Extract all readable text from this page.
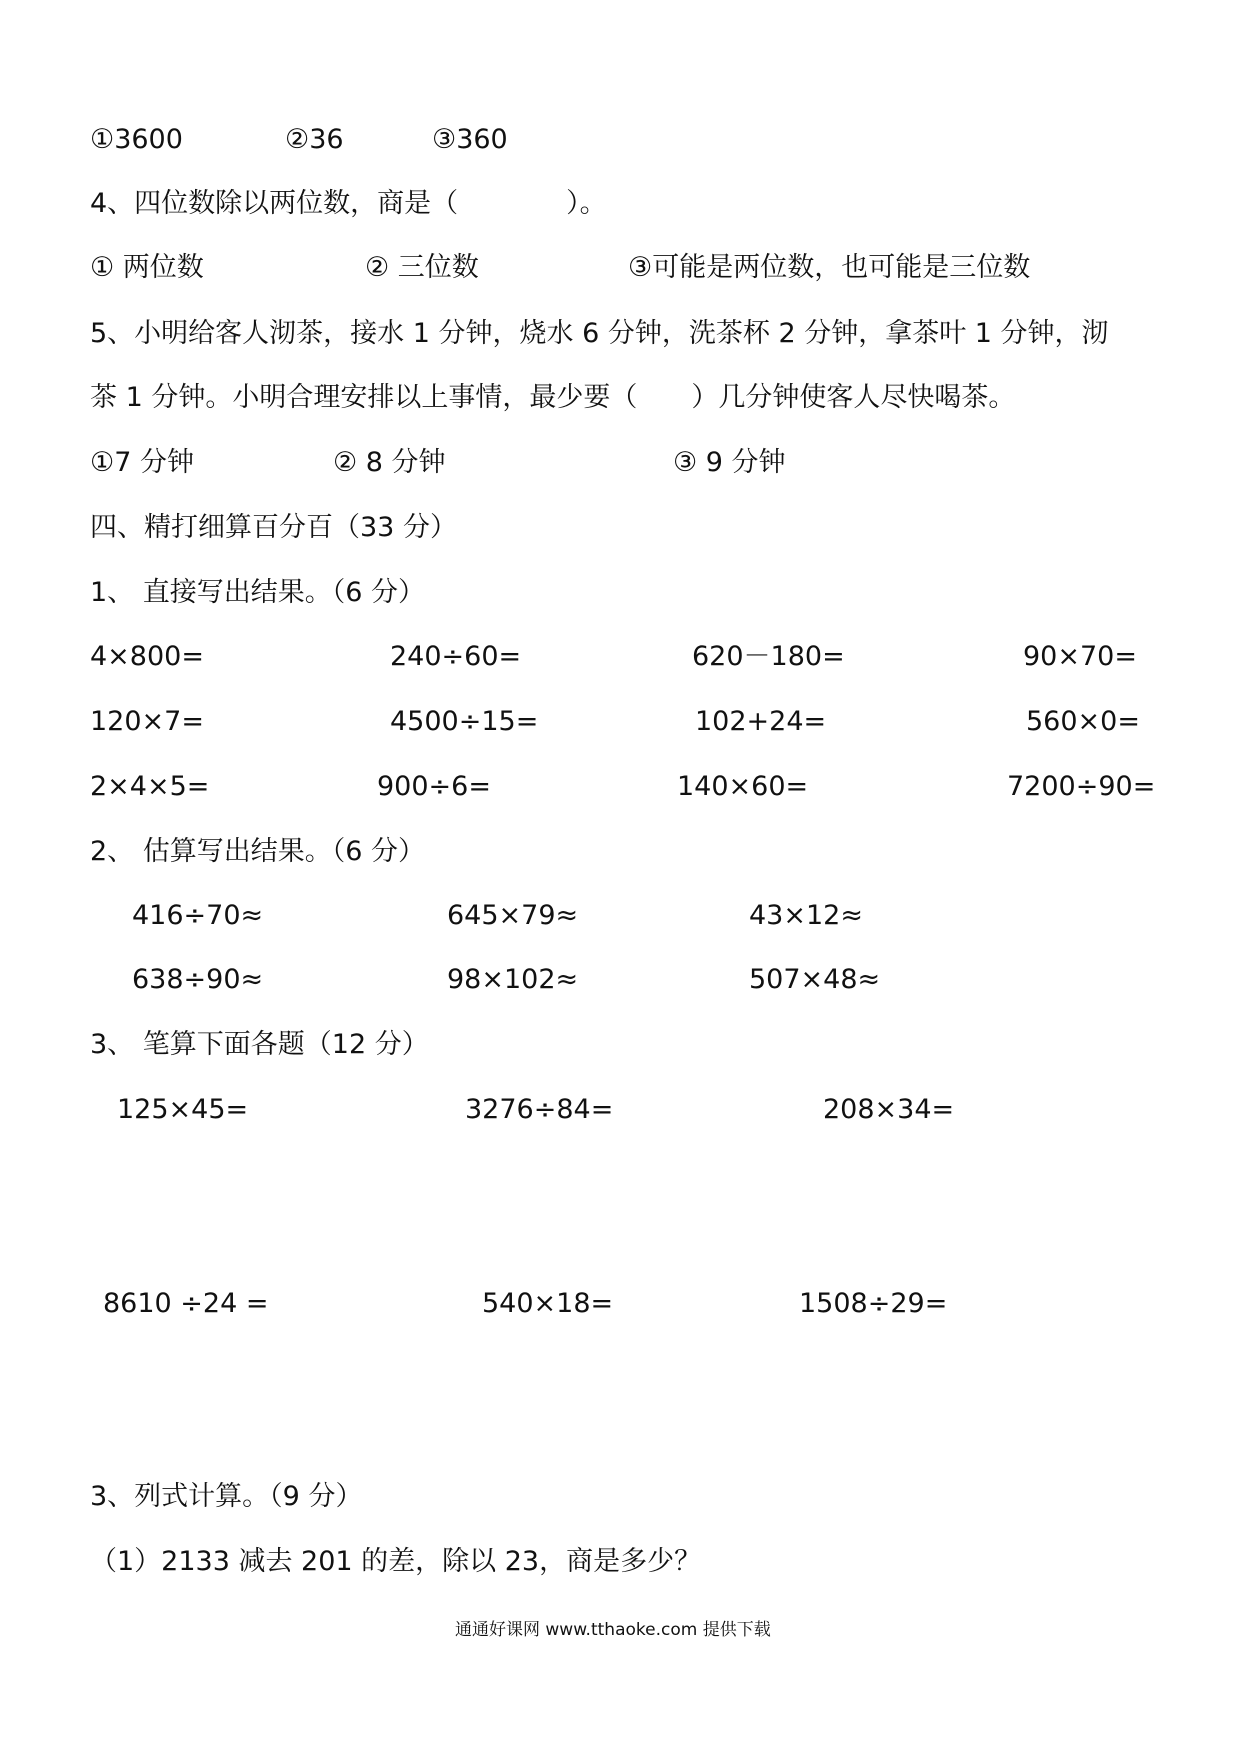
①3600	②36	③360
4、四位数除以两位数，商是（　　　　）。
① 两位数	② 三位数	③可能是两位数，也可能是三位数
5、小明给客人沏茶，接水 1 分钟，烧水 6 分钟，洗茶杯 2 分钟，拿茶叶 1 分钟，沏
茶 1 分钟。小明合理安排以上事情，最少要（　　）几分钟使客人尽快喝茶。
①7 分钟	② 8 分钟	③ 9 分钟
四、精打细算百分百（33 分）
1、 直接写出结果。（6 分）
4×800=	240÷60=	620－180=	90×70=
120×7=	4500÷15=	102+24=	560×0=
2×4×5=	900÷6=	140×60=	7200÷90=
2、 估算写出结果。（6 分）
416÷70≈	645×79≈	43×12≈
638÷90≈	98×102≈	507×48≈
3、 笔算下面各题（12 分）
125×45=	3276÷84=	208×34=
8610 ÷24 =	540×18=	1508÷29=
3、列式计算。（9 分）
（1）2133 减去 201 的差，除以 23，商是多少？
通通好课网 www.tthaoke.com 提供下载
